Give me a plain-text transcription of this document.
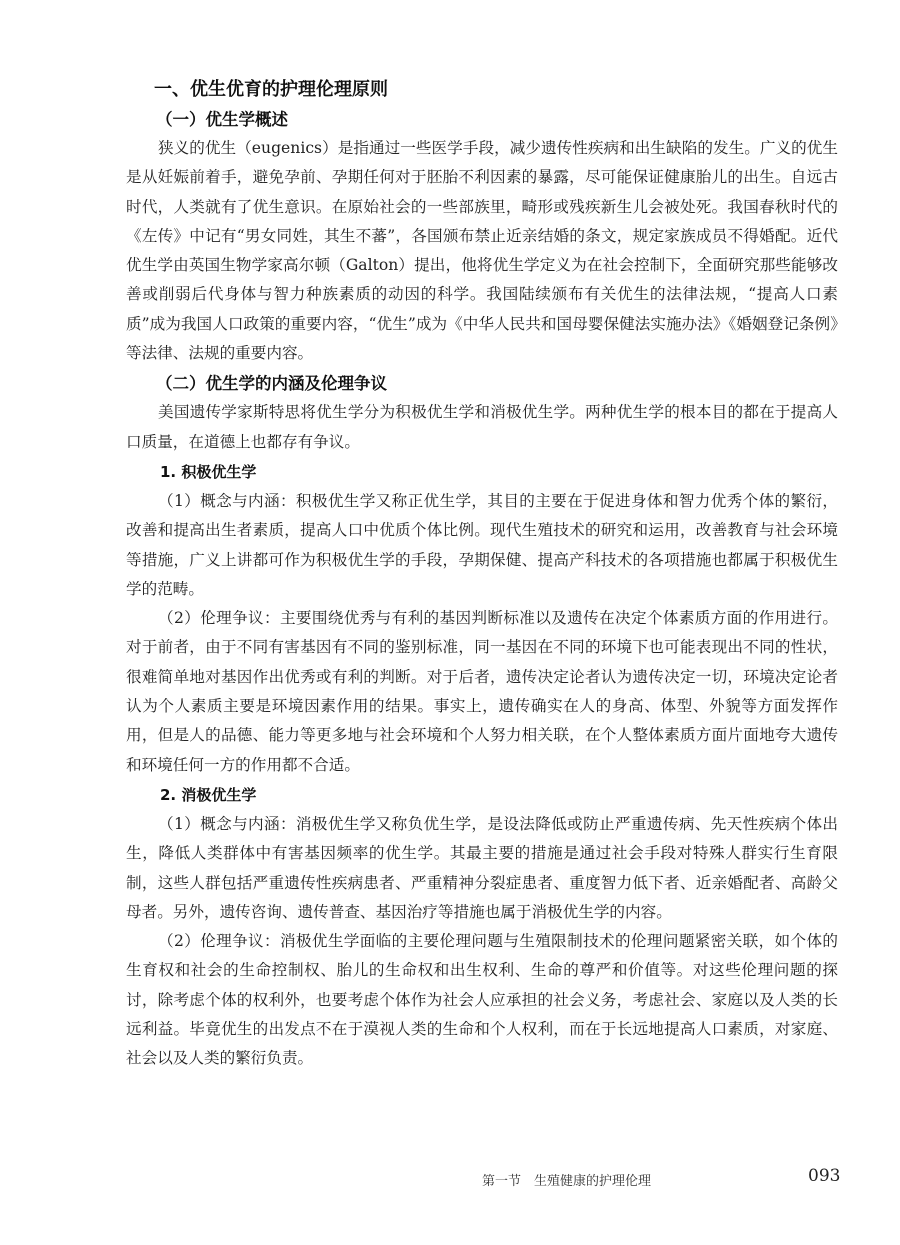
一、优生优育的护理伦理原则
（一）优生学概述

狭义的优生（eugenics）是指通过一些医学手段，减少遗传性疾病和出生缺陷的发生。广义的优生是从妊娠前着手，避免孕前、孕期任何对于胚胎不利因素的暴露，尽可能保证健康胎儿的出生。自远古时代，人类就有了优生意识。在原始社会的一些部族里，畸形或残疾新生儿会被处死。我国春秋时代的《左传》中记有“男女同姓，其生不蕃”，各国颁布禁止近亲结婚的条文，规定家族成员不得婚配。近代优生学由英国生物学家高尔顿（Galton）提出，他将优生学定义为在社会控制下，全面研究那些能够改善或削弱后代身体与智力种族素质的动因的科学。我国陆续颁布有关优生的法律法规，“提高人口素质”成为我国人口政策的重要内容，“优生”成为《中华人民共和国母婴保健法实施办法》《婚姻登记条例》等法律、法规的重要内容。

（二）优生学的内涵及伦理争议

美国遗传学家斯特思将优生学分为积极优生学和消极优生学。两种优生学的根本目的都在于提高人口质量，在道德上也都存有争议。

1. 积极优生学

（1）概念与内涵：积极优生学又称正优生学，其目的主要在于促进身体和智力优秀个体的繁衍，改善和提高出生者素质，提高人口中优质个体比例。现代生殖技术的研究和运用，改善教育与社会环境等措施，广义上讲都可作为积极优生学的手段，孕期保健、提高产科技术的各项措施也都属于积极优生学的范畴。

（2）伦理争议：主要围绕优秀与有利的基因判断标准以及遗传在决定个体素质方面的作用进行。对于前者，由于不同有害基因有不同的鉴别标准，同一基因在不同的环境下也可能表现出不同的性状，很难简单地对基因作出优秀或有利的判断。对于后者，遗传决定论者认为遗传决定一切，环境决定论者认为个人素质主要是环境因素作用的结果。事实上，遗传确实在人的身高、体型、外貌等方面发挥作用，但是人的品德、能力等更多地与社会环境和个人努力相关联，在个人整体素质方面片面地夸大遗传和环境任何一方的作用都不合适。

2. 消极优生学

（1）概念与内涵：消极优生学又称负优生学，是设法降低或防止严重遗传病、先天性疾病个体出生，降低人类群体中有害基因频率的优生学。其最主要的措施是通过社会手段对特殊人群实行生育限制，这些人群包括严重遗传性疾病患者、严重精神分裂症患者、重度智力低下者、近亲婚配者、高龄父母者。另外，遗传咨询、遗传普查、基因治疗等措施也属于消极优生学的内容。

（2）伦理争议：消极优生学面临的主要伦理问题与生殖限制技术的伦理问题紧密关联，如个体的生育权和社会的生命控制权、胎儿的生命权和出生权利、生命的尊严和价值等。对这些伦理问题的探讨，除考虑个体的权利外，也要考虑个体作为社会人应承担的社会义务，考虑社会、家庭以及人类的长远利益。毕竟优生的出发点不在于漠视人类的生命和个人权利，而在于长远地提高人口素质，对家庭、社会以及人类的繁衍负责。

第一节　生殖健康的护理伦理	093
